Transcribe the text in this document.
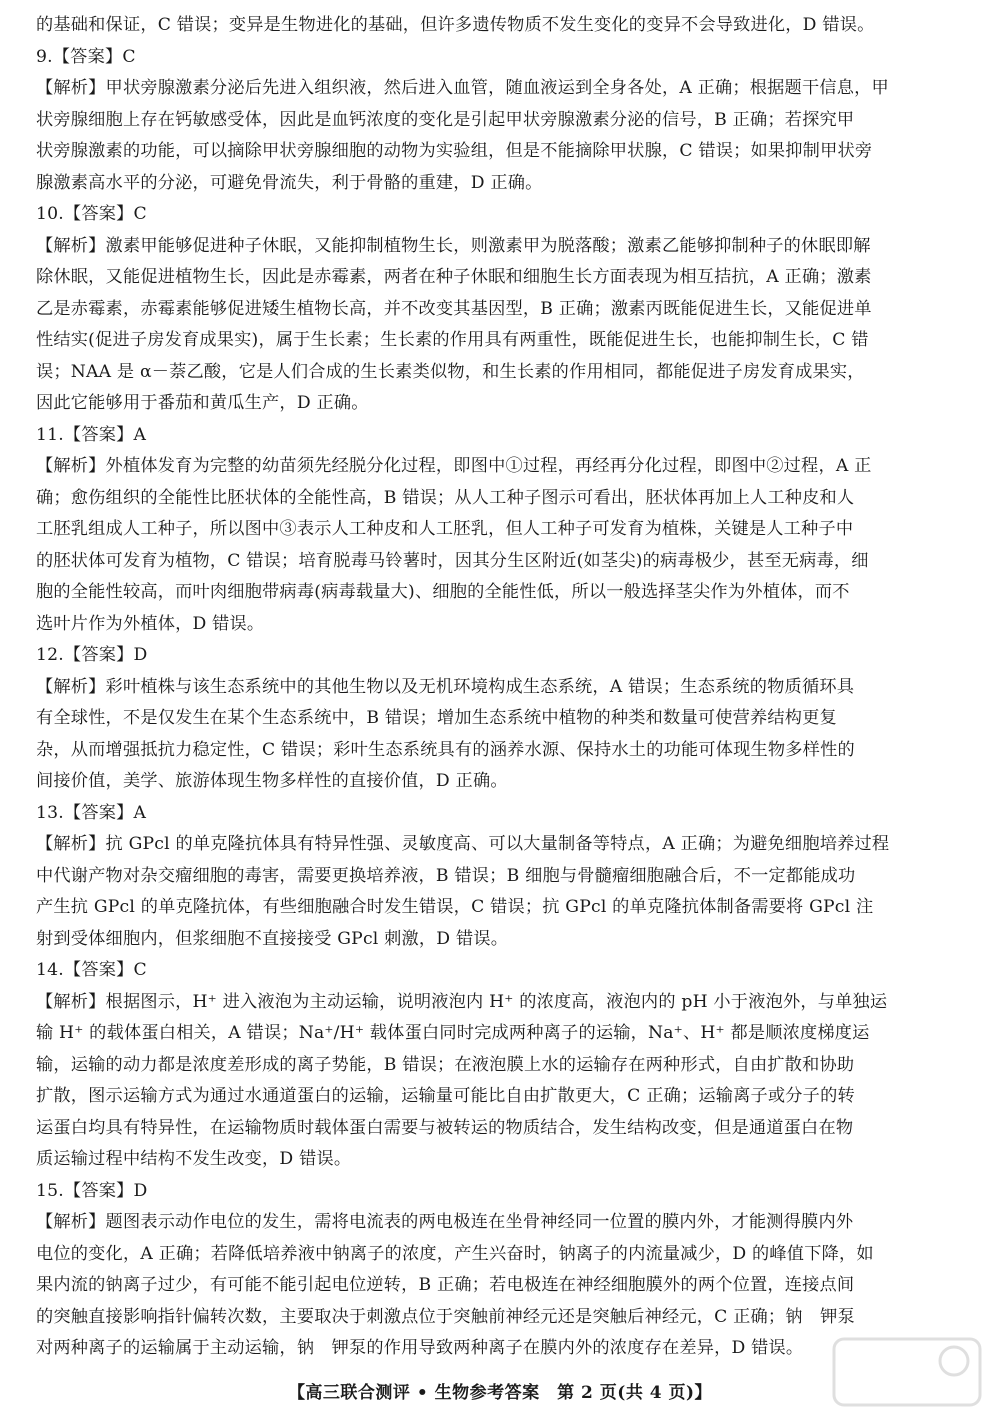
的基础和保证，C 错误；变异是生物进化的基础，但许多遗传物质不发生变化的变异不会导致进化，D 错误。
9.【答案】C
【解析】甲状旁腺激素分泌后先进入组织液，然后进入血管，随血液运到全身各处，A 正确；根据题干信息，甲
状旁腺细胞上存在钙敏感受体，因此是血钙浓度的变化是引起甲状旁腺激素分泌的信号，B 正确；若探究甲
状旁腺激素的功能，可以摘除甲状旁腺细胞的动物为实验组，但是不能摘除甲状腺，C 错误；如果抑制甲状旁
腺激素高水平的分泌，可避免骨流失，利于骨骼的重建，D 正确。
10.【答案】C
【解析】激素甲能够促进种子休眠，又能抑制植物生长，则激素甲为脱落酸；激素乙能够抑制种子的休眠即解
除休眠，又能促进植物生长，因此是赤霉素，两者在种子休眠和细胞生长方面表现为相互拮抗，A 正确；激素
乙是赤霉素，赤霉素能够促进矮生植物长高，并不改变其基因型，B 正确；激素丙既能促进生长，又能促进单
性结实(促进子房发育成果实)，属于生长素；生长素的作用具有两重性，既能促进生长，也能抑制生长，C 错
误；NAA 是 α－萘乙酸，它是人们合成的生长素类似物，和生长素的作用相同，都能促进子房发育成果实，
因此它能够用于番茄和黄瓜生产，D 正确。
11.【答案】A
【解析】外植体发育为完整的幼苗须先经脱分化过程，即图中①过程，再经再分化过程，即图中②过程，A 正
确；愈伤组织的全能性比胚状体的全能性高，B 错误；从人工种子图示可看出，胚状体再加上人工种皮和人
工胚乳组成人工种子，所以图中③表示人工种皮和人工胚乳，但人工种子可发育为植株，关键是人工种子中
的胚状体可发育为植物，C 错误；培育脱毒马铃薯时，因其分生区附近(如茎尖)的病毒极少，甚至无病毒，细
胞的全能性较高，而叶肉细胞带病毒(病毒载量大)、细胞的全能性低，所以一般选择茎尖作为外植体，而不
选叶片作为外植体，D 错误。
12.【答案】D
【解析】彩叶植株与该生态系统中的其他生物以及无机环境构成生态系统，A 错误；生态系统的物质循环具
有全球性，不是仅发生在某个生态系统中，B 错误；增加生态系统中植物的种类和数量可使营养结构更复
杂，从而增强抵抗力稳定性，C 错误；彩叶生态系统具有的涵养水源、保持水土的功能可体现生物多样性的
间接价值，美学、旅游体现生物多样性的直接价值，D 正确。
13.【答案】A
【解析】抗 GPcl 的单克隆抗体具有特异性强、灵敏度高、可以大量制备等特点，A 正确；为避免细胞培养过程
中代谢产物对杂交瘤细胞的毒害，需要更换培养液，B 错误；B 细胞与骨髓瘤细胞融合后，不一定都能成功
产生抗 GPcl 的单克隆抗体，有些细胞融合时发生错误，C 错误；抗 GPcl 的单克隆抗体制备需要将 GPcl 注
射到受体细胞内，但浆细胞不直接接受 GPcl 刺激，D 错误。
14.【答案】C
【解析】根据图示，H⁺ 进入液泡为主动运输，说明液泡内 H⁺ 的浓度高，液泡内的 pH 小于液泡外，与单独运
输 H⁺ 的载体蛋白相关，A 错误；Na⁺/H⁺ 载体蛋白同时完成两种离子的运输，Na⁺、H⁺ 都是顺浓度梯度运
输，运输的动力都是浓度差形成的离子势能，B 错误；在液泡膜上水的运输存在两种形式，自由扩散和协助
扩散，图示运输方式为通过水通道蛋白的运输，运输量可能比自由扩散更大，C 正确；运输离子或分子的转
运蛋白均具有特异性，在运输物质时载体蛋白需要与被转运的物质结合，发生结构改变，但是通道蛋白在物
质运输过程中结构不发生改变，D 错误。
15.【答案】D
【解析】题图表示动作电位的发生，需将电流表的两电极连在坐骨神经同一位置的膜内外，才能测得膜内外
电位的变化，A 正确；若降低培养液中钠离子的浓度，产生兴奋时，钠离子的内流量减少，D 的峰值下降，如
果内流的钠离子过少，有可能不能引起电位逆转，B 正确；若电极连在神经细胞膜外的两个位置，连接点间
的突触直接影响指针偏转次数，主要取决于刺激点位于突触前神经元还是突触后神经元，C 正确；钠　钾泵
对两种离子的运输属于主动运输，钠　钾泵的作用导致两种离子在膜内外的浓度存在差异，D 错误。
【高三联合测评 • 生物参考答案　第 2 页(共 4 页)】
